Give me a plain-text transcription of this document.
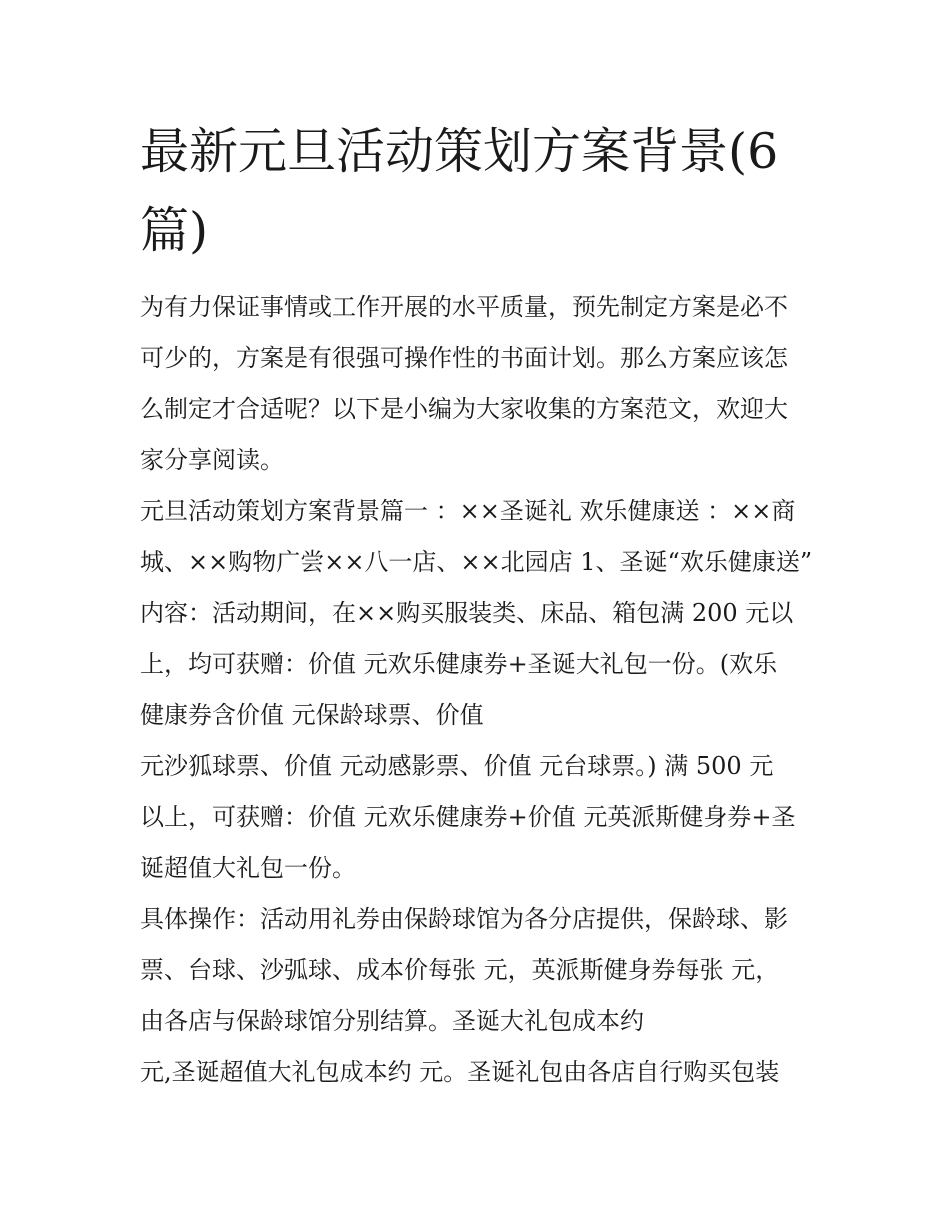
最新元旦活动策划方案背景(6
篇)

为有力保证事情或工作开展的水平质量，预先制定方案是必不
可少的，方案是有很强可操作性的书面计划。那么方案应该怎
么制定才合适呢？以下是小编为大家收集的方案范文，欢迎大
家分享阅读。

元旦活动策划方案背景篇一 ：××圣诞礼 欢乐健康送 ：××商
城、××购物广尝××八一店、××北园店 1、圣诞“欢乐健康送”
内容：活动期间，在××购买服装类、床品、箱包满 200 元以
上，均可获赠：价值 元欢乐健康券+圣诞大礼包一份。(欢乐
健康券含价值 元保龄球票、价值

元沙狐球票、价值 元动感影票、价值 元台球票。) 满 500 元
以上，可获赠：价值 元欢乐健康券+价值 元英派斯健身券+圣
诞超值大礼包一份。

具体操作：活动用礼券由保龄球馆为各分店提供，保龄球、影
票、台球、沙弧球、成本价每张 元，英派斯健身券每张 元，
由各店与保龄球馆分别结算。圣诞大礼包成本约

元,圣诞超值大礼包成本约 元。圣诞礼包由各店自行购买包装
